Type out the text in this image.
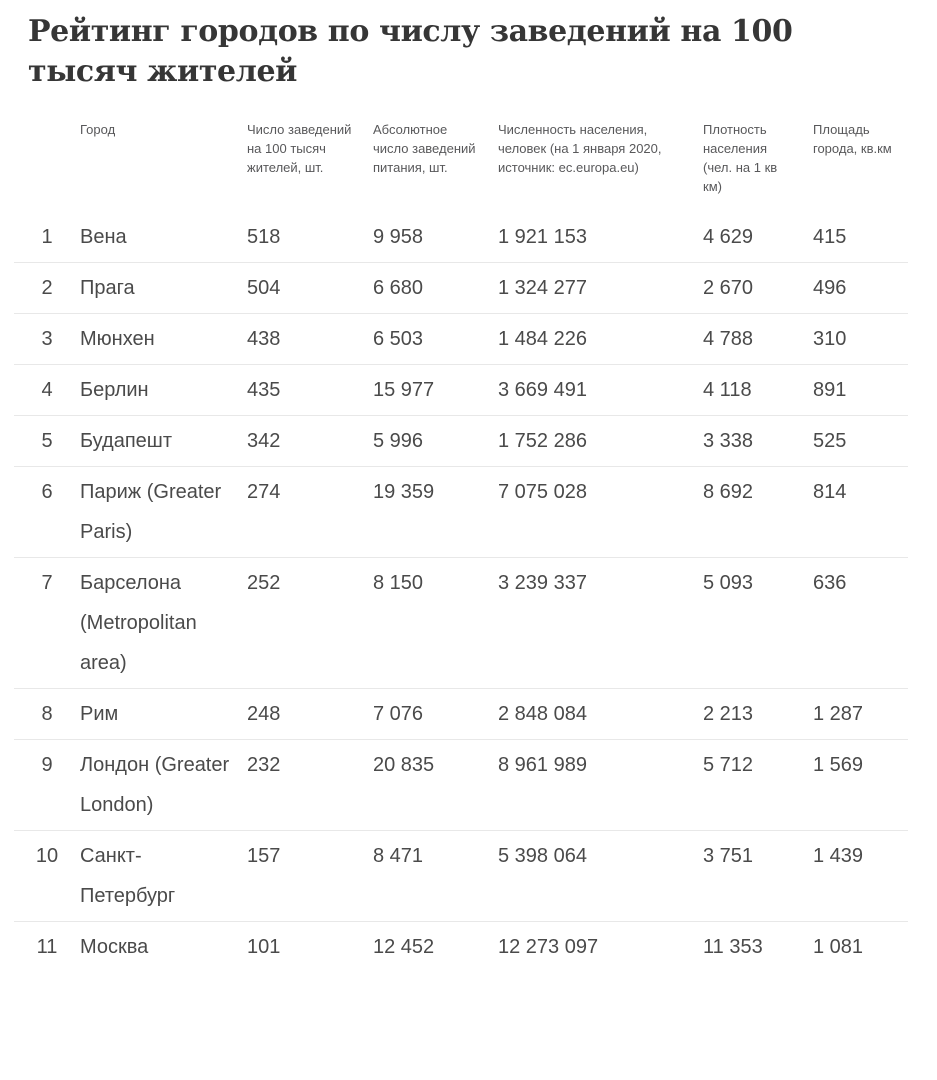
Рейтинг городов по числу заведений на 100 тысяч жителей
	Город	Число заведений на 100 тысяч жителей, шт.	Абсолютное число заведений питания, шт.	Численность населения, человек (на 1 января 2020, источник: ec.europa.eu)	Плотность населения (чел. на 1 кв км)	Площадь города, кв.км
1	Вена	518	9 958	1 921 153	4 629	415
2	Прага	504	6 680	1 324 277	2 670	496
3	Мюнхен	438	6 503	1 484 226	4 788	310
4	Берлин	435	15 977	3 669 491	4 118	891
5	Будапешт	342	5 996	1 752 286	3 338	525
6	Париж (Greater Paris)	274	19 359	7 075 028	8 692	814
7	Барселона (Metropolitan area)	252	8 150	3 239 337	5 093	636
8	Рим	248	7 076	2 848 084	2 213	1 287
9	Лондон (Greater London)	232	20 835	8 961 989	5 712	1 569
10	Санкт-Петербург	157	8 471	5 398 064	3 751	1 439
11	Москва	101	12 452	12 273 097	11 353	1 081
